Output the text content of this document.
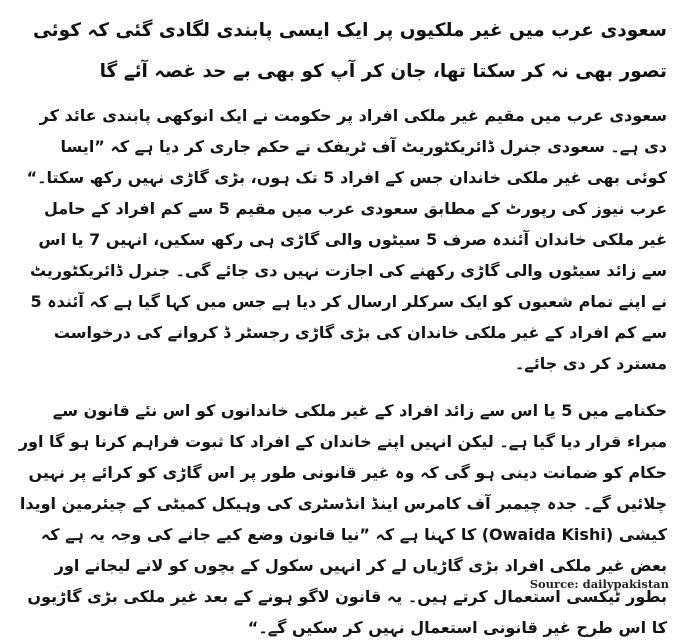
سعودی عرب میں غیر ملکیوں پر ایک ایسی پابندی لگادی گئی کہ کوئی تصور بھی نہ کر سکتا تھا، جان کر آپ کو بھی بے حد غصہ آئے گا

سعودی عرب میں مقیم غیر ملکی افراد پر حکومت نے ایک انوکھی پابندی عائد کر دی ہے۔ سعودی جنرل ڈائریکٹوریٹ آف ٹریفک نے حکم جاری کر دیا ہے کہ ”ایسا کوئی بھی غیر ملکی خاندان جس کے افراد 5 تک ہوں، بڑی گاڑی نہیں رکھ سکتا۔“ عرب نیوز کی رپورٹ کے مطابق سعودی عرب میں مقیم 5 سے کم افراد کے حامل غیر ملکی خاندان آئندہ صرف 5 سیٹوں والی گاڑی ہی رکھ سکیں، انہیں 7 یا اس سے زائد سیٹوں والی گاڑی رکھنے کی اجازت نہیں دی جائے گی۔ جنرل ڈائریکٹوریٹ نے اپنے تمام شعبوں کو ایک سرکلر ارسال کر دیا ہے جس میں کہا گیا ہے کہ آئندہ 5 سے کم افراد کے غیر ملکی خاندان کی بڑی گاڑی رجسٹر ڈ کروانے کی درخواست مسترد کر دی جائے۔

حکنامے میں 5 یا اس سے زائد افراد کے غیر ملکی خاندانوں کو اس نئے قانون سے مبراء قرار دیا گیا ہے۔ لیکن انہیں اپنے خاندان کے افراد کا ثبوت فراہم کرنا ہو گا اور حکام کو ضمانت دینی ہو گی کہ وہ غیر قانونی طور پر اس گاڑی کو کرائے پر نہیں چلائیں گے۔ جدہ چیمبر آف کامرس اینڈ انڈسٹری کی وہیکل کمیٹی کے چیئرمین اویدا کیشی (Owaida Kishi) کا کہنا ہے کہ ”نیا قانون وضع کیے جانے کی وجہ یہ ہے کہ بعض غیر ملکی افراد بڑی گاڑیاں لے کر انہیں سکول کے بچوں کو لانے لیجانے اور بطور ٹیکسی استعمال کرتے ہیں۔ یہ قانون لاگو ہونے کے بعد غیر ملکی بڑی گاڑیوں کا اس طرح غیر قانونی استعمال نہیں کر سکیں گے۔“

Source: dailypakistan
